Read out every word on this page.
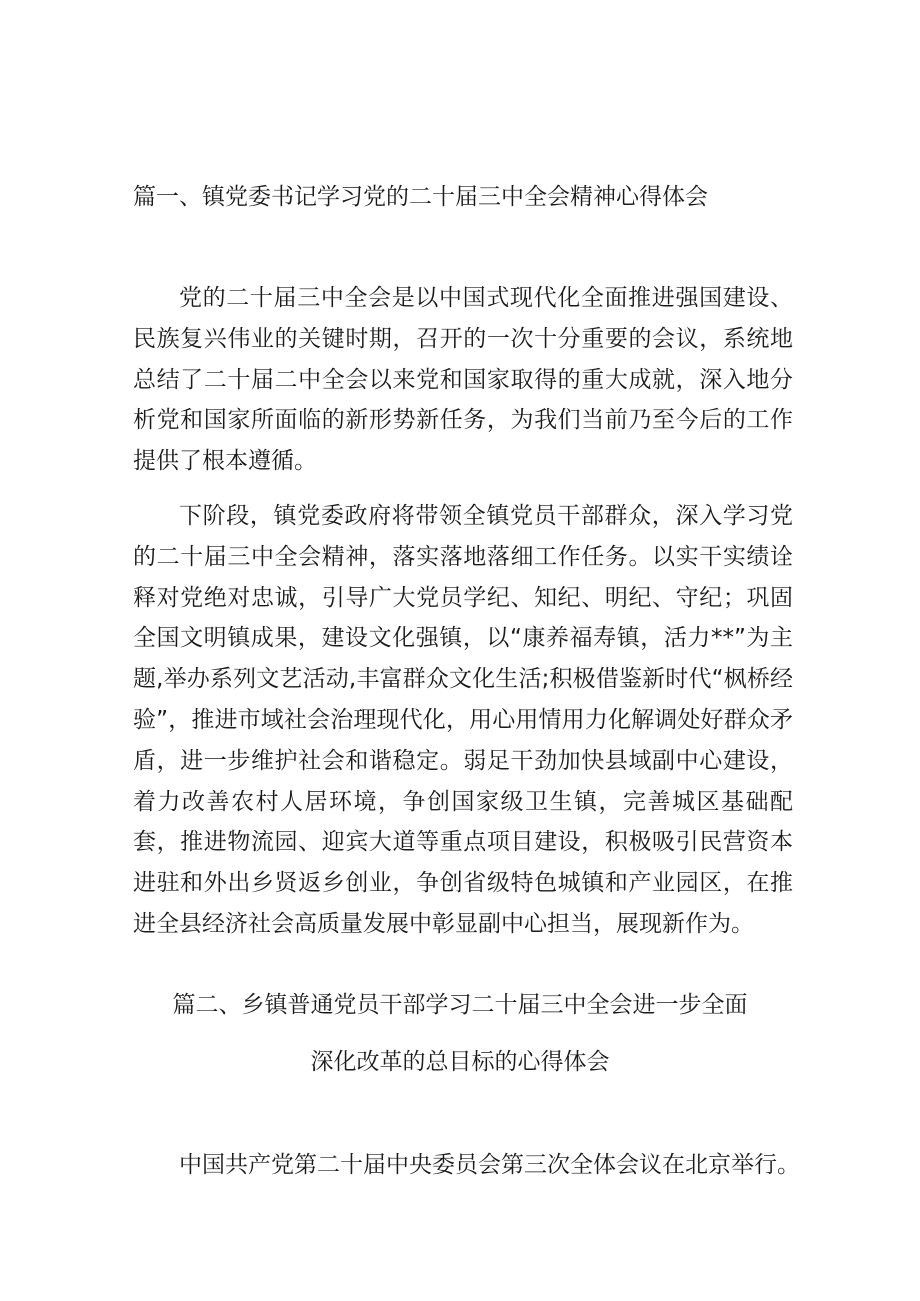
篇一、镇党委书记学习党的二十届三中全会精神心得体会

党的二十届三中全会是以中国式现代化全面推进强国建设、民族复兴伟业的关键时期，召开的一次十分重要的会议，系统地总结了二十届二中全会以来党和国家取得的重大成就，深入地分析党和国家所面临的新形势新任务，为我们当前乃至今后的工作提供了根本遵循。

下阶段，镇党委政府将带领全镇党员干部群众，深入学习党的二十届三中全会精神，落实落地落细工作任务。以实干实绩诠释对党绝对忠诚，引导广大党员学纪、知纪、明纪、守纪；巩固全国文明镇成果，建设文化强镇，以“康养福寿镇，活力**”为主题,举办系列文艺活动,丰富群众文化生活;积极借鉴新时代“枫桥经验”，推进市域社会治理现代化，用心用情用力化解调处好群众矛盾，进一步维护社会和谐稳定。弱足干劲加快县域副中心建设，着力改善农村人居环境，争创国家级卫生镇，完善城区基础配套，推进物流园、迎宾大道等重点项目建设，积极吸引民营资本进驻和外出乡贤返乡创业，争创省级特色城镇和产业园区，在推进全县经济社会高质量发展中彰显副中心担当，展现新作为。

篇二、乡镇普通党员干部学习二十届三中全会进一步全面
深化改革的总目标的心得体会

中国共产党第二十届中央委员会第三次全体会议在北京举行。
